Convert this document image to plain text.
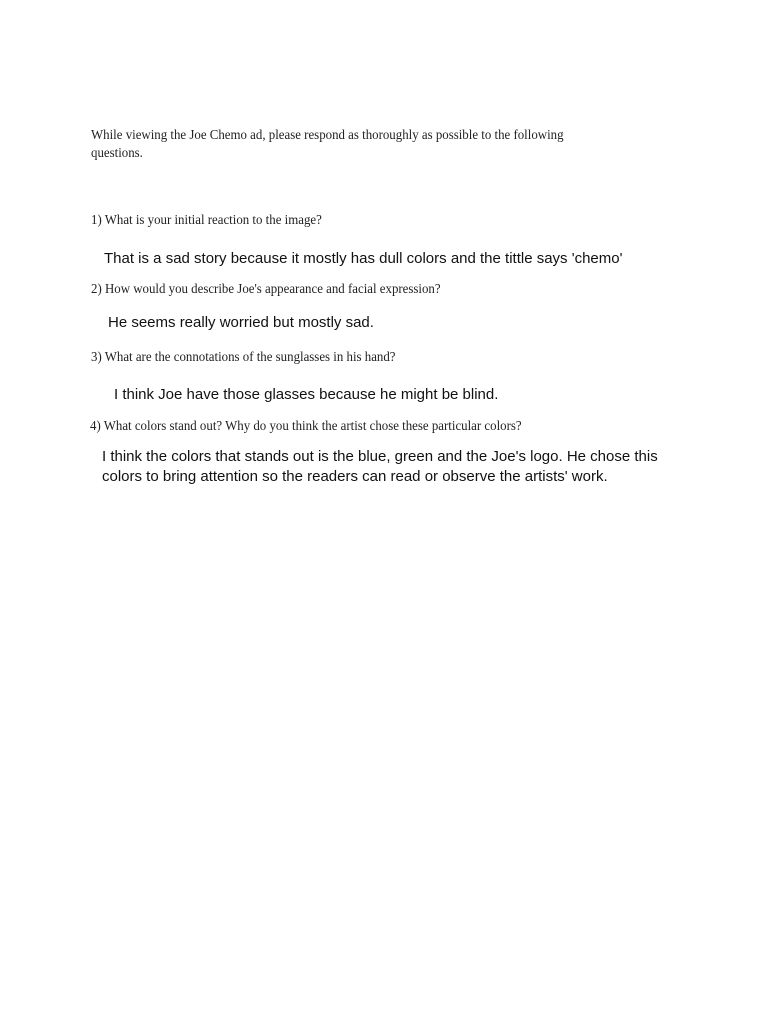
While viewing the Joe Chemo ad, please respond as thoroughly as possible to the following
questions.
1) What is your initial reaction to the image?
That is a sad story because it mostly has dull colors and the tittle says 'chemo'
2) How would you describe Joe's appearance and facial expression?
He seems really worried but mostly sad.
3) What are the connotations of the sunglasses in his hand?
I think Joe have those glasses because he might be blind.
4) What colors stand out? Why do you think the artist chose these particular colors?
I think the colors that stands out is the blue, green and the Joe's logo. He chose this
colors to bring attention so the readers can read or observe the artists' work.
